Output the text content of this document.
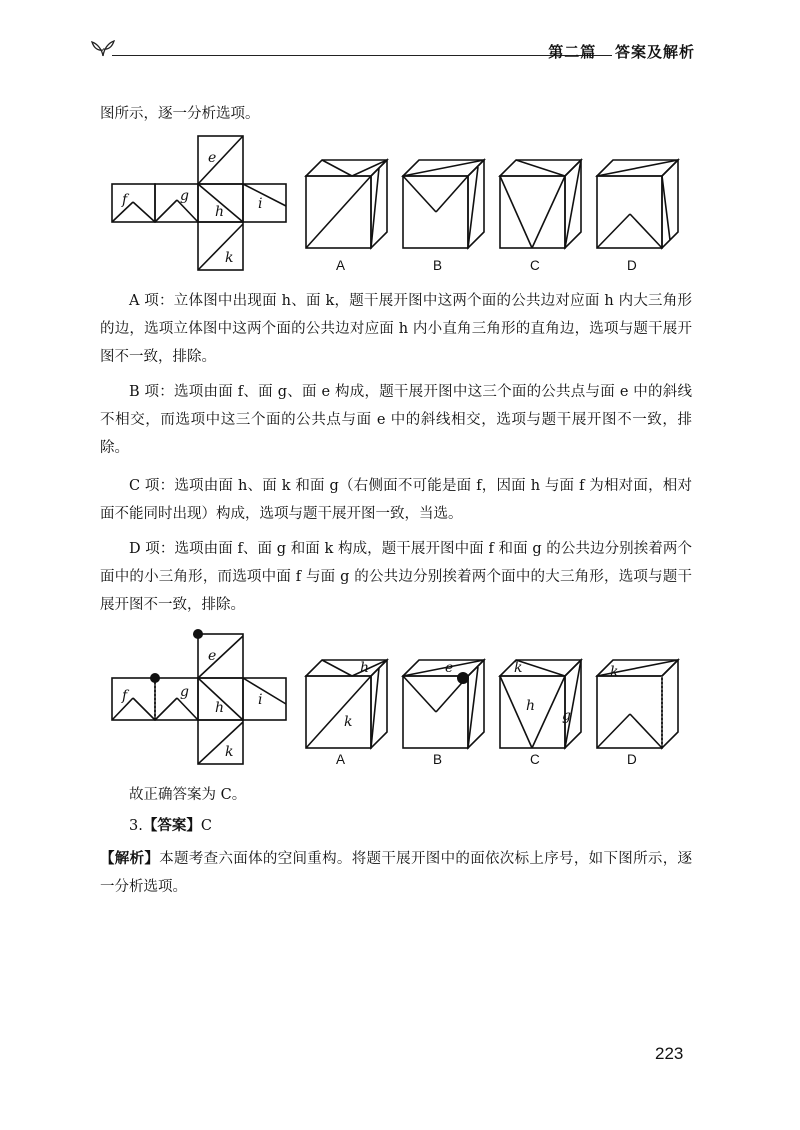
第二篇 答案及解析
图所示，逐一分析选项。
e
f	g
h i
k	A	B	C	D
A 项：立体图中出现面 h、面 k，题干展开图中这两个面的公共边对应面 h 内大三角形的边，选项立体图中这两个面的公共边对应面 h 内小直角三角形的直角边，选项与题干展开图不一致，排除。
B 项：选项由面 f、面 g、面 e 构成，题干展开图中这三个面的公共点与面 e 中的斜线不相交，而选项中这三个面的公共点与面 e 中的斜线相交，选项与题干展开图不一致，排除。
C 项：选项由面 h、面 k 和面 g（右侧面不可能是面 f，因面 h 与面 f 为相对面，相对面不能同时出现）构成，选项与题干展开图一致，当选。
D 项：选项由面 f、面 g 和面 k 构成，题干展开图中面 f 和面 g 的公共边分别挨着两个面中的小三角形，而选项中面 f 与面 g 的公共边分别挨着两个面中的大三角形，选项与题干展开图不一致，排除。
e
f	g
h i
k
h
k
e	k
h
g
k
A	B	C	D
故正确答案为 C。
3.【答案】C
【解析】本题考查六面体的空间重构。将题干展开图中的面依次标上序号，如下图所示，逐一分析选项。
223
